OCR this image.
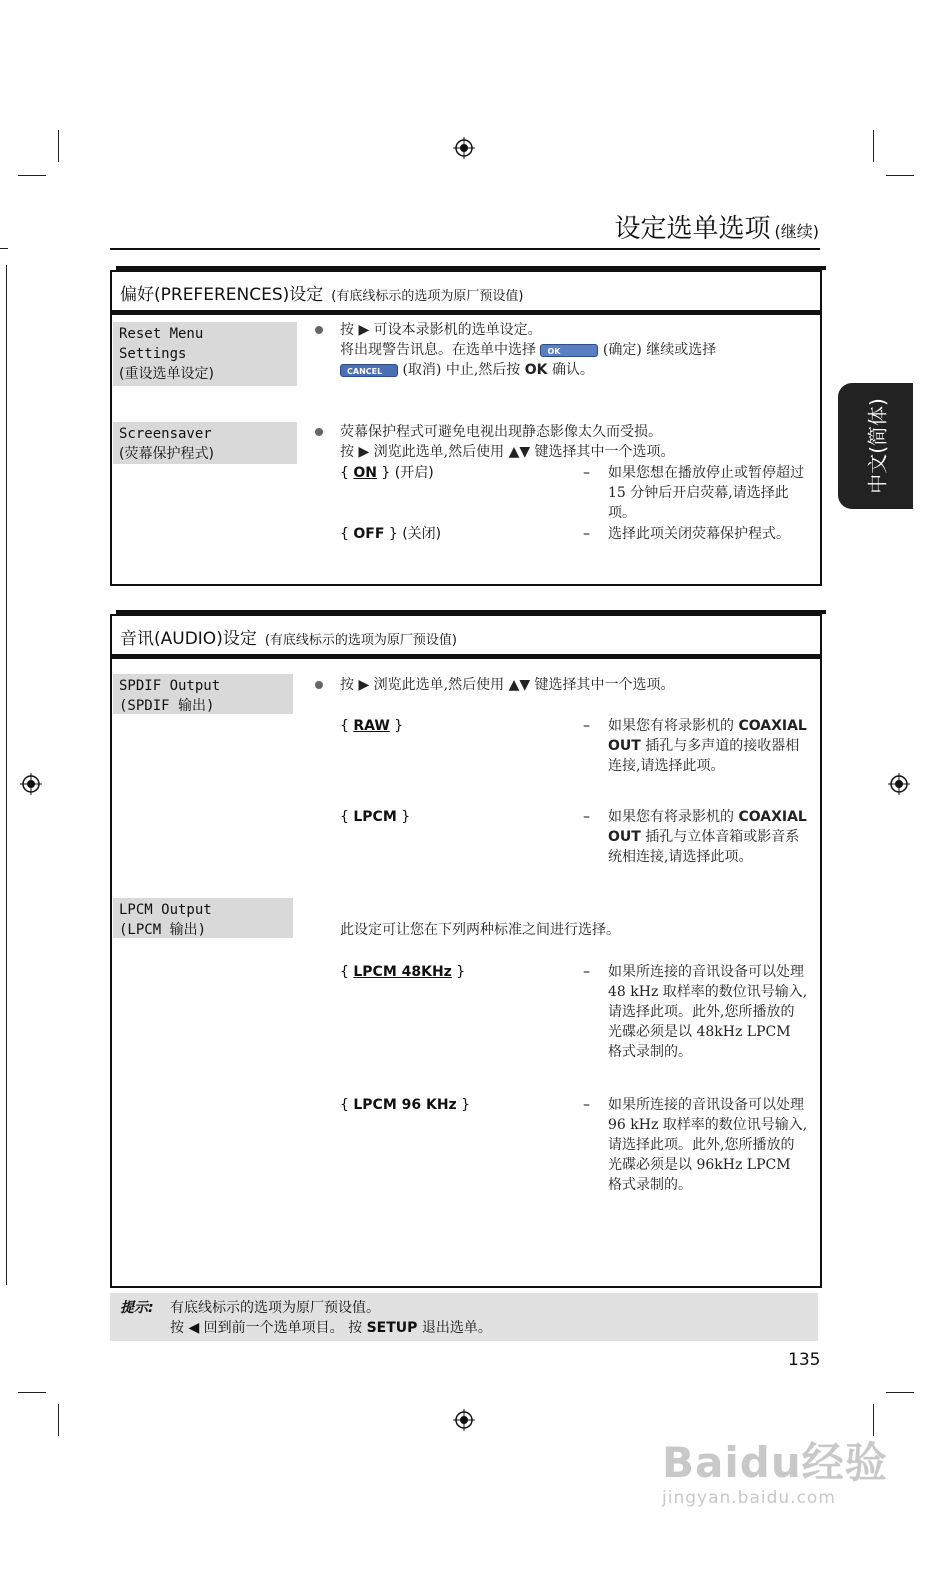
设定选单选项 (继续)
中文(简体)
偏好(PREFERENCES)设定 (有底线标示的选项为原厂预设值)
Reset Menu
Settings
(重设选单设定)
按 ▶ 可设本录影机的选单设定。
将出现警告讯息。在选单中选择 OK	(确定) 继续或选择
CANCEL (取消) 中止,然后按 OK 确认。
Screensaver
(荧幕保护程式)
荧幕保护程式可避免电视出现静态影像太久而受损。
按 ▶ 浏览此选单,然后使用 ▲▼ 键选择其中一个选项。
{ ON } (开启)	– 如果您想在播放停止或暂停超过 15 分钟后开启荧幕,请选择此项。
{ OFF } (关闭)	– 选择此项关闭荧幕保护程式。
音讯(AUDIO)设定 (有底线标示的选项为原厂预设值)
SPDIF Output
(SPDIF 输出)
按 ▶ 浏览此选单,然后使用 ▲▼ 键选择其中一个选项。
{ RAW }	– 如果您有将录影机的 COAXIAL OUT 插孔与多声道的接收器相连接,请选择此项。
{ LPCM }	– 如果您有将录影机的 COAXIAL OUT 插孔与立体音箱或影音系统相连接,请选择此项。
LPCM Output
(LPCM 输出)	此设定可让您在下列两种标准之间进行选择。
{ LPCM 48KHz }	– 如果所连接的音讯设备可以处理 48 kHz 取样率的数位讯号输入,请选择此项。此外,您所播放的光碟必须是以 48kHz LPCM 格式录制的。
{ LPCM 96 KHz }	– 如果所连接的音讯设备可以处理 96 kHz 取样率的数位讯号输入,请选择此项。此外,您所播放的光碟必须是以 96kHz LPCM 格式录制的。
提示: 有底线标示的选项为原厂预设值。
按 ◀ 回到前一个选单项目。 按 SETUP 退出选单。
135
Baidu经验
jingyan.baidu.com
